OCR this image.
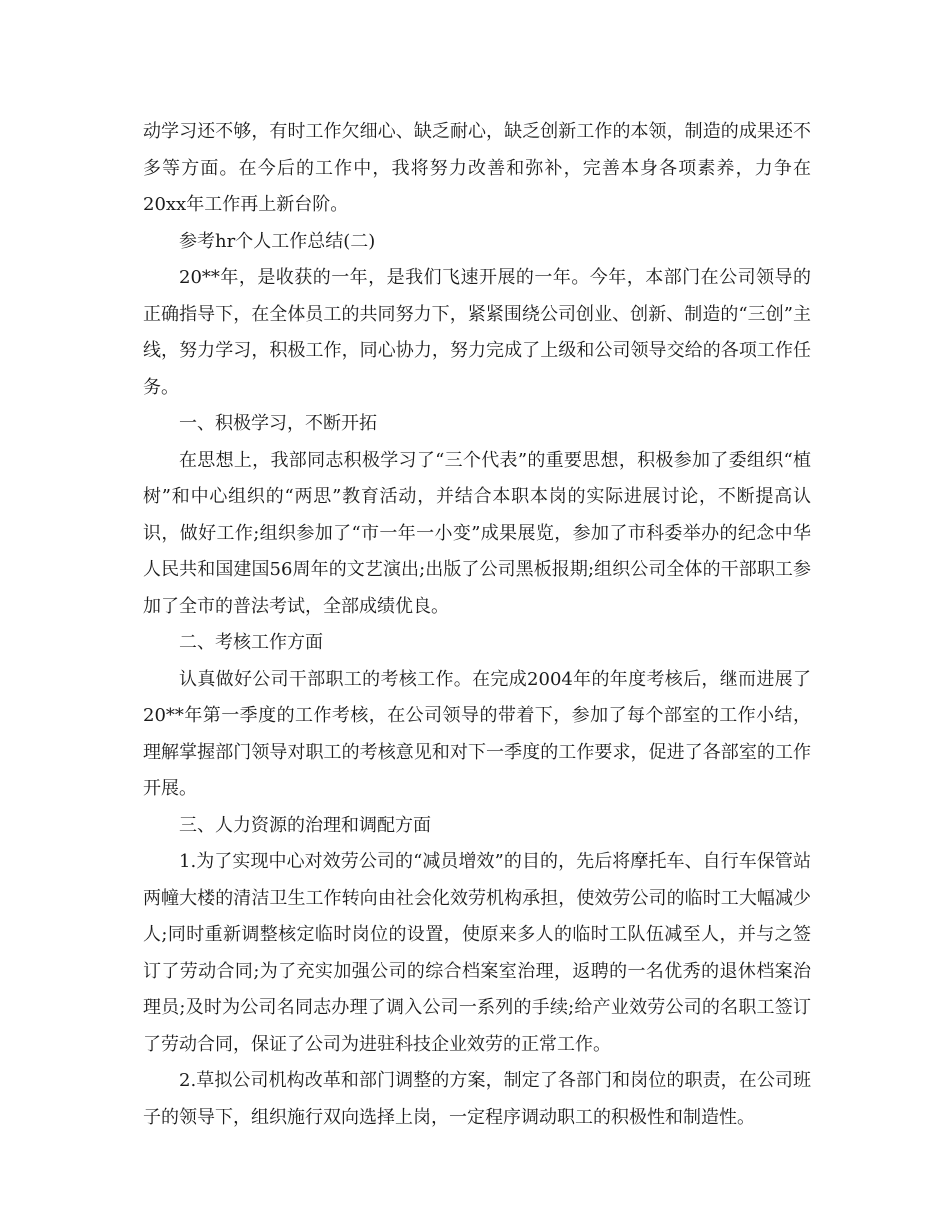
动学习还不够，有时工作欠细心、缺乏耐心，缺乏创新工作的本领，制造的成果还不多等方面。在今后的工作中，我将努力改善和弥补，完善本身各项素养，力争在20xx年工作再上新台阶。

参考hr个人工作总结(二)

20**年，是收获的一年，是我们飞速开展的一年。今年，本部门在公司领导的正确指导下，在全体员工的共同努力下，紧紧围绕公司创业、创新、制造的“三创”主线，努力学习，积极工作，同心协力，努力完成了上级和公司领导交给的各项工作任务。

一、积极学习，不断开拓

在思想上，我部同志积极学习了“三个代表”的重要思想，积极参加了委组织“植树”和中心组织的“两思”教育活动，并结合本职本岗的实际进展讨论，不断提高认识，做好工作;组织参加了“市一年一小变”成果展览，参加了市科委举办的纪念中华人民共和国建国56周年的文艺演出;出版了公司黑板报期;组织公司全体的干部职工参加了全市的普法考试，全部成绩优良。

二、考核工作方面

认真做好公司干部职工的考核工作。在完成2004年的年度考核后，继而进展了20**年第一季度的工作考核，在公司领导的带着下，参加了每个部室的工作小结，理解掌握部门领导对职工的考核意见和对下一季度的工作要求，促进了各部室的工作开展。

三、人力资源的治理和调配方面

1.为了实现中心对效劳公司的“减员增效”的目的，先后将摩托车、自行车保管站两幢大楼的清洁卫生工作转向由社会化效劳机构承担，使效劳公司的临时工大幅减少人;同时重新调整核定临时岗位的设置，使原来多人的临时工队伍减至人，并与之签订了劳动合同;为了充实加强公司的综合档案室治理，返聘的一名优秀的退休档案治理员;及时为公司名同志办理了调入公司一系列的手续;给产业效劳公司的名职工签订了劳动合同，保证了公司为进驻科技企业效劳的正常工作。

2.草拟公司机构改革和部门调整的方案，制定了各部门和岗位的职责，在公司班子的领导下，组织施行双向选择上岗，一定程序调动职工的积极性和制造性。
